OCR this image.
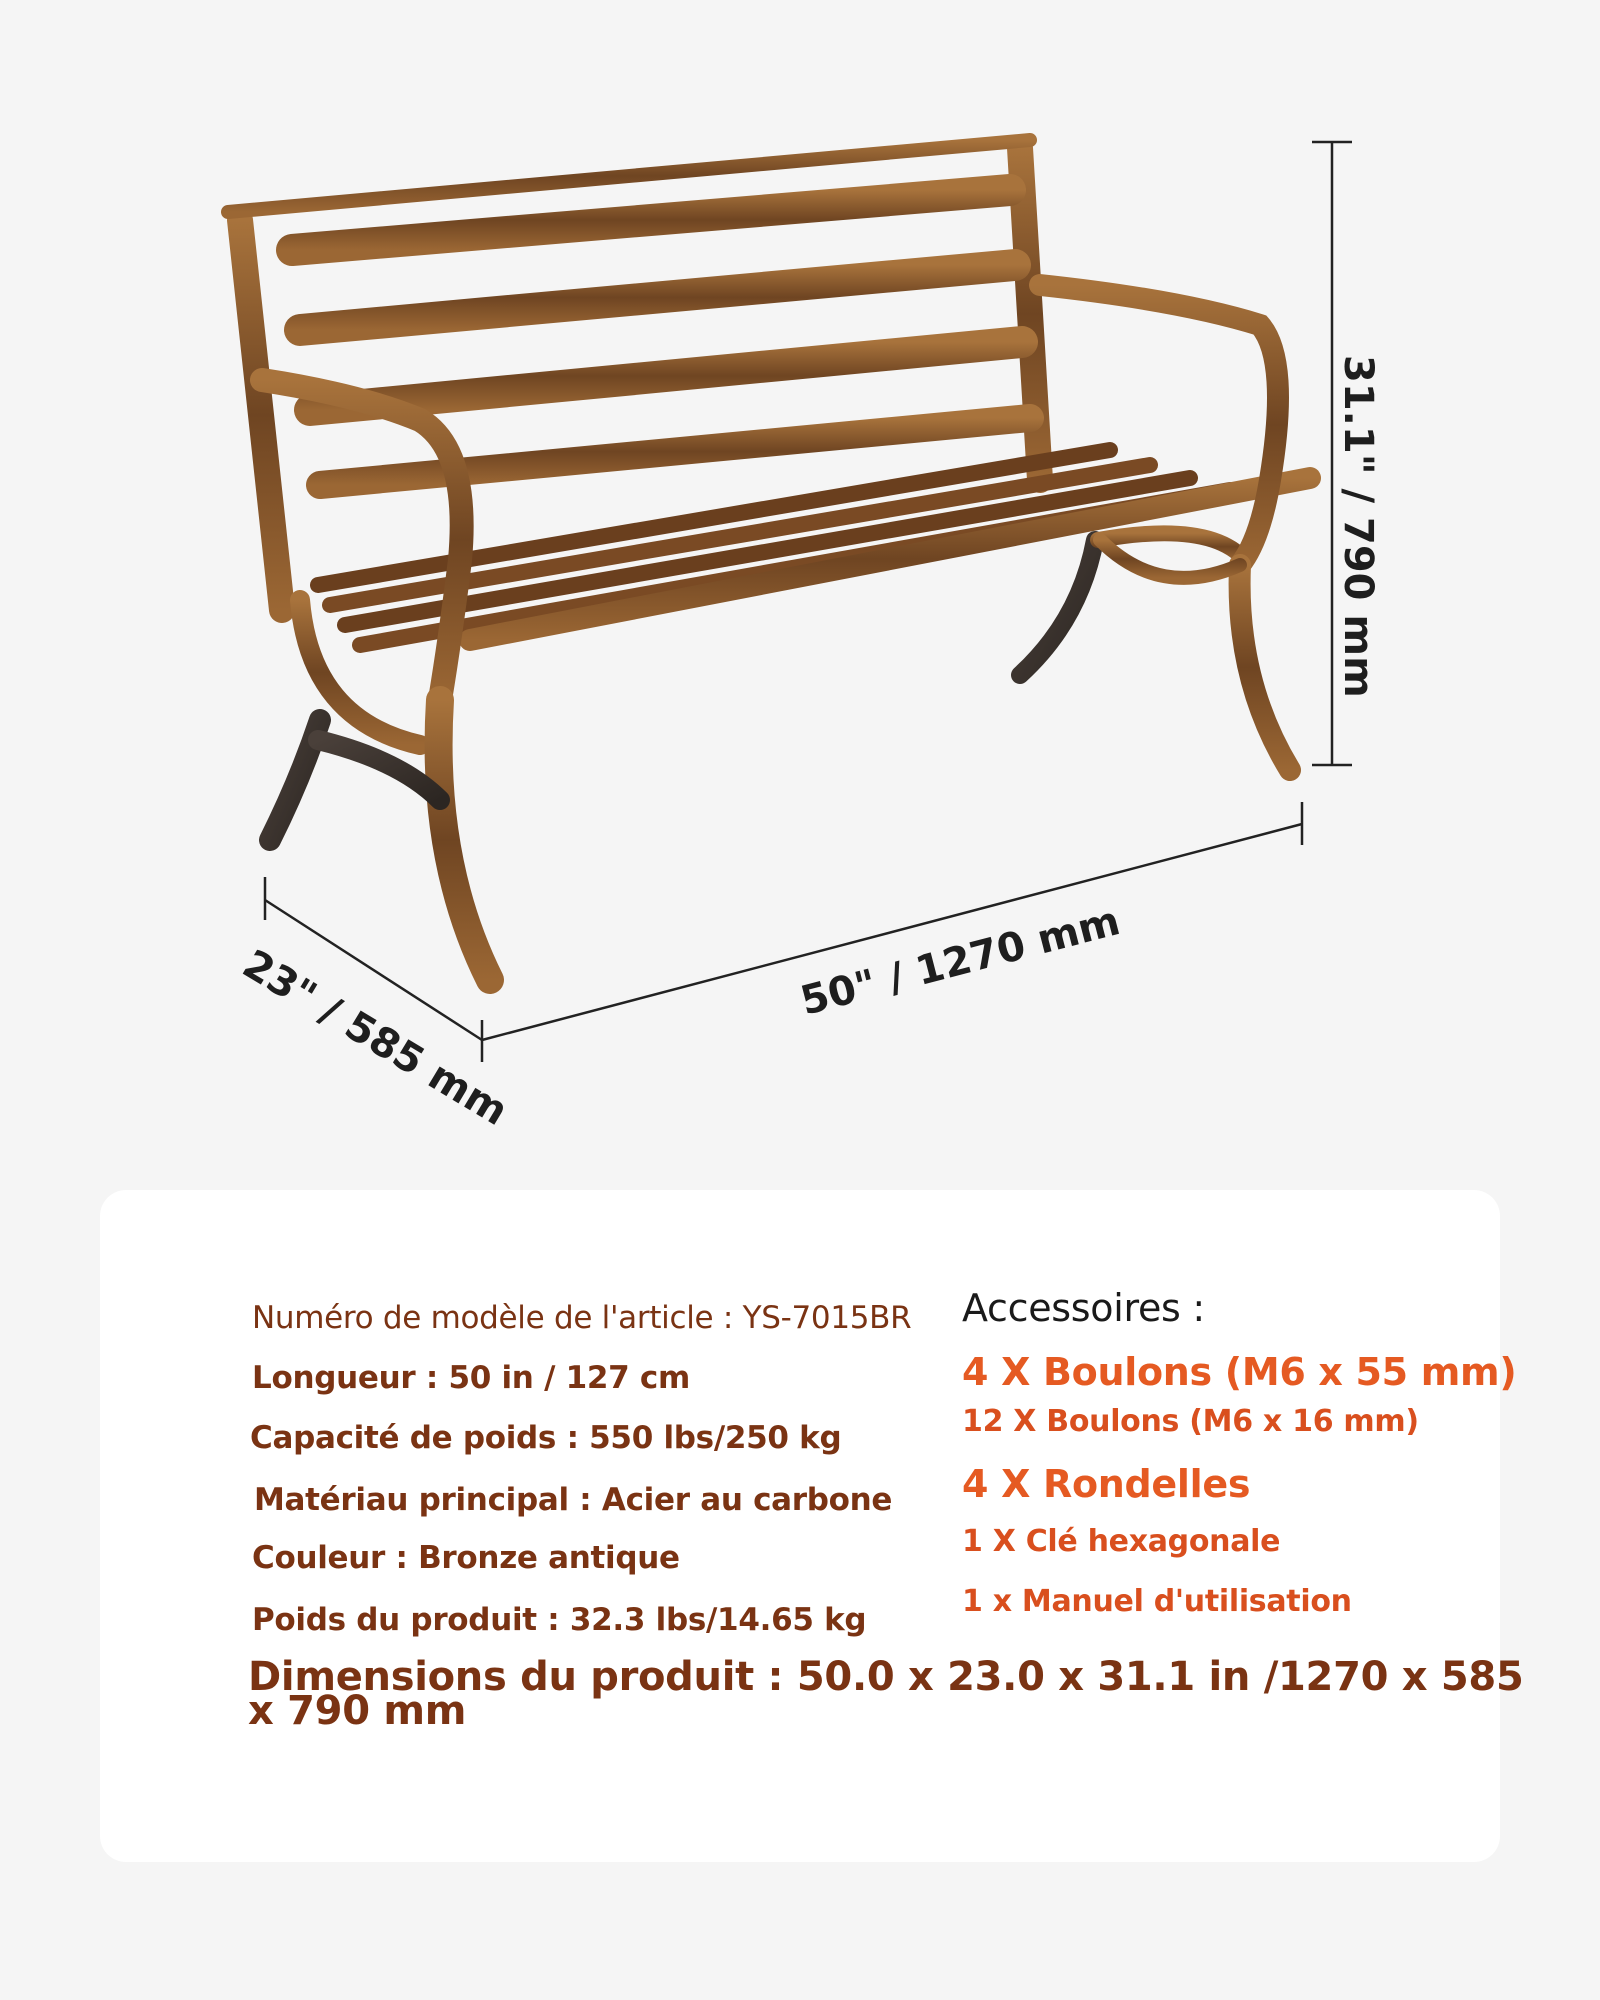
31.1" / 790 mm
50" / 1270 mm
23" / 585 mm

Numéro de modèle de l'article : YS-7015BR

Longueur : 50 in / 127 cm

Capacité de poids : 550 lbs/250 kg

Matériau principal : Acier au carbone

Couleur : Bronze antique

Poids du produit : 32.3 lbs/14.65 kg

Dimensions du produit : 50.0 x 23.0 x 31.1 in /1270 x 585 x 790 mm

Accessoires :

4 X Boulons (M6 x 55 mm)

12 X Boulons (M6 x 16 mm)

4 X Rondelles

1 X Clé hexagonale

1 x Manuel d'utilisation
